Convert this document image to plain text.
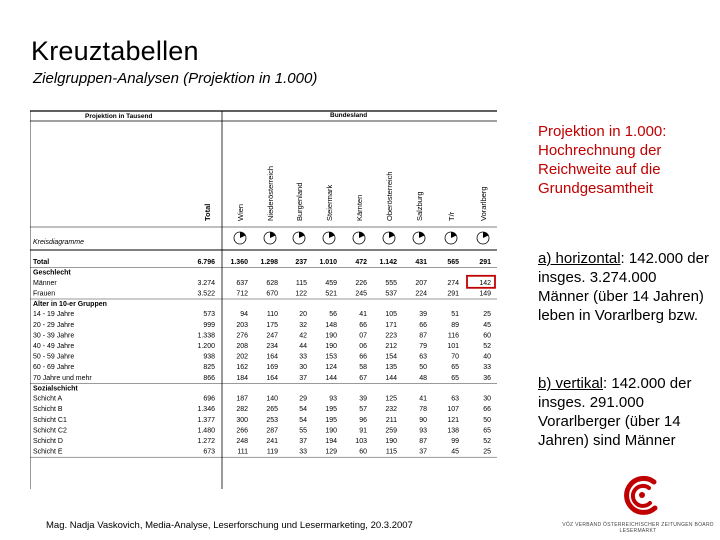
Kreuztabellen
Zielgruppen-Analysen (Projektion in 1.000)
Projektion in Tausend	Bundesland
Total	Wien	Niederösterreich	Burgenland	Steiermark	Kärnten	Oberösterreich	Salzburg	T/r	Vorarlberg
Kreisdiagramme
Total	6.796 1.360 1.298 237 1.010	472 1.142	431	565	291
Geschlecht
Männer	3.274	637	628	115	459	226	555	207	274	142
Frauen	3.522	712	670 122	521	245	537	224	291	149
Alter in 10-er Gruppen
14 - 19 Jahre	573	94	110	20	56	41	105	39	51	25
20 - 29 Jahre	999	203	175	32	148	66	171	66	89	45
30 - 39 Jahre	1.338	276	247	42	190	07	223	87	116	60
40 - 49 Jahre	1.200	208	234	44	190	06	212	79	101	52
50 - 59 Jahre	938	202	164	33	153	66	154	63	70	40
60 - 69 Jahre	825	162	169	30	124	58	135	50	65	33
70 Jahre und mehr	866	184	164	37	144	67	144	48	65	36
Sozialschicht
Schicht A	696	187	140	29	93	39	125	41	63	30
Schicht B	1.346	282	265	54	195	57	232	78	107	66
Schicht C1	1.377	300	253	54	195	96	211	90	121	50
Schicht C2	1.480	266	287	55	190	91	259	93	138	65
Schicht D	1.272	248	241	37	194	103	190	87	99	52
Schicht E	673	111	119	33	129	60	115	37	45	25
Projektion in 1.000: Hochrechnung der Reichweite auf die Grundgesamtheit
a) horizontal: 142.000 der insges. 3.274.000 Männer (über 14 Jahren) leben in Vorarlberg bzw.
b) vertikal: 142.000 der insges. 291.000 Vorarlberger (über 14 Jahren) sind Männer
Mag. Nadja Vaskovich, Media-Analyse, Leserforschung und Lesermarketing, 20.3.2007	VÖZ VERBAND ÖSTERREICHISCHER ZEITUNGEN BOARD LESERMARKT
